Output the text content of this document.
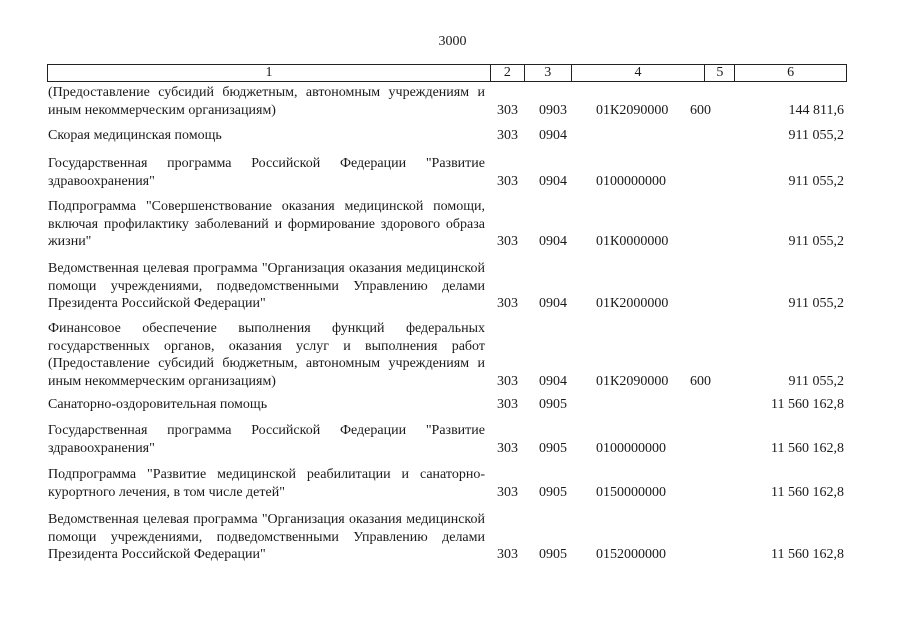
3000
1	2	3	4	5	6
(Предоставление субсидий бюджетным, автономным учреждениям и иным некоммерческим организациям)	303 0903 01К2090000 600	144 811,6
Скорая медицинская помощь	303 0904	911 055,2
Государственная программа Российской Федерации "Развитие здравоохранения"	303 0904 0100000000	911 055,2
Подпрограмма "Совершенствование оказания медицинской помощи, включая профилактику заболеваний и формирование здорового образа жизни"	303 0904 01К0000000	911 055,2
Ведомственная целевая программа "Организация оказания медицинской помощи учреждениями, подведомственными Управлению делами Президента Российской Федерации"	303 0904 01К2000000	911 055,2
Финансовое обеспечение выполнения функций федеральных государственных органов, оказания услуг и выполнения работ (Предоставление субсидий бюджетным, автономным учреждениям и иным некоммерческим организациям)	303 0904 01К2090000 600	911 055,2
Санаторно-оздоровительная помощь	303 0905	11 560 162,8
Государственная программа Российской Федерации "Развитие здравоохранения"	303 0905 0100000000	11 560 162,8
Подпрограмма "Развитие медицинской реабилитации и санаторно- курортного лечения, в том числе детей"	303 0905 0150000000	11 560 162,8
Ведомственная целевая программа "Организация оказания медицинской помощи учреждениями, подведомственными Управлению делами Президента Российской Федерации"	303 0905 0152000000	11 560 162,8
